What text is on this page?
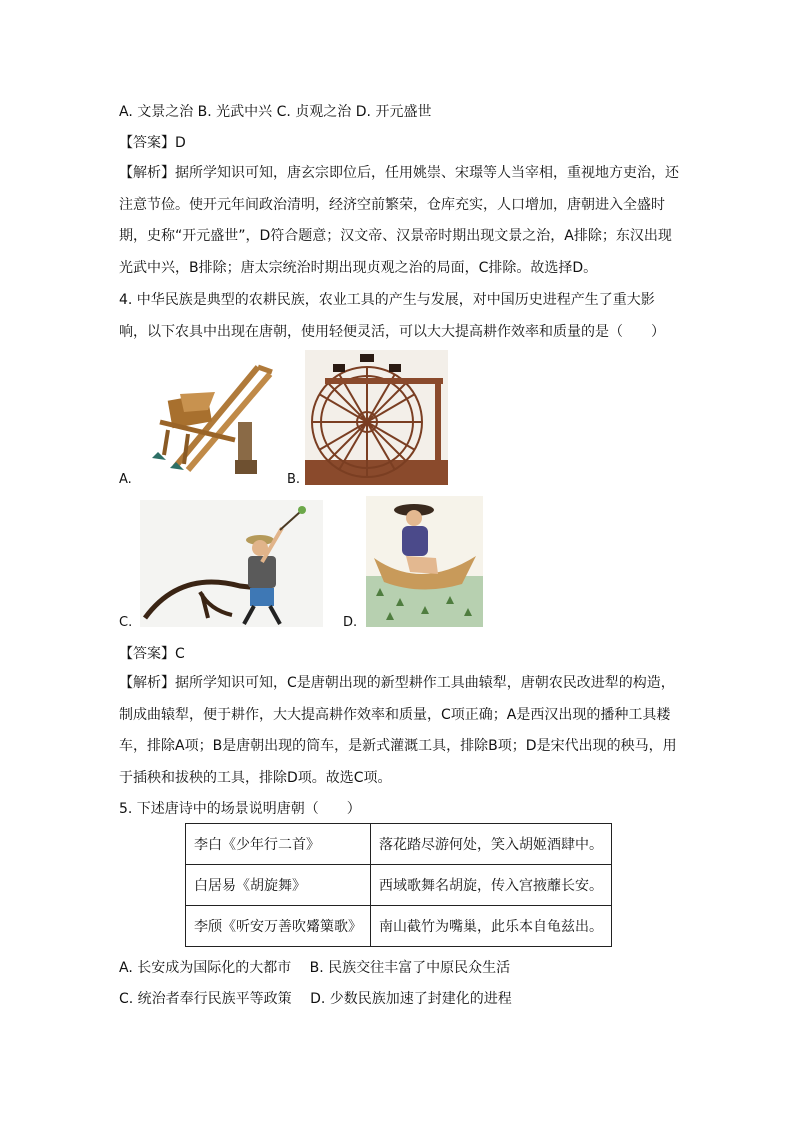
A. 文景之治 B. 光武中兴 C. 贞观之治 D. 开元盛世
【答案】D
【解析】据所学知识可知，唐玄宗即位后，任用姚崇、宋璟等人当宰相，重视地方吏治，还注意节俭。使开元年间政治清明，经济空前繁荣，仓库充实，人口增加，唐朝进入全盛时期，史称“开元盛世”，D符合题意；汉文帝、汉景帝时期出现文景之治，A排除；东汉出现光武中兴，B排除；唐太宗统治时期出现贞观之治的局面，C排除。故选择D。
4. 中华民族是典型的农耕民族，农业工具的产生与发展，对中国历史进程产生了重大影响，以下农具中出现在唐朝，使用轻便灵活，可以大大提高耕作效率和质量的是（　　）
A.	B.
C.	D.
【答案】C
【解析】据所学知识可知，C是唐朝出现的新型耕作工具曲辕犁，唐朝农民改进犁的构造，制成曲辕犁，便于耕作，大大提高耕作效率和质量，C项正确；A是西汉出现的播种工具耧车，排除A项；B是唐朝出现的筒车，是新式灌溉工具，排除B项；D是宋代出现的秧马，用于插秧和拔秧的工具，排除D项。故选C项。
5. 下述唐诗中的场景说明唐朝（　　）
李白《少年行二首》	落花踏尽游何处，笑入胡姬酒肆中。
白居易《胡旋舞》	西域歌舞名胡旋，传入宫掖蘼长安。
李颀《听安万善吹觱篥歌》	南山截竹为嘴巢，此乐本自龟兹出。
A. 长安成为国际化的大都市　 B. 民族交往丰富了中原民众生活
C. 统治者奉行民族平等政策　 D. 少数民族加速了封建化的进程
